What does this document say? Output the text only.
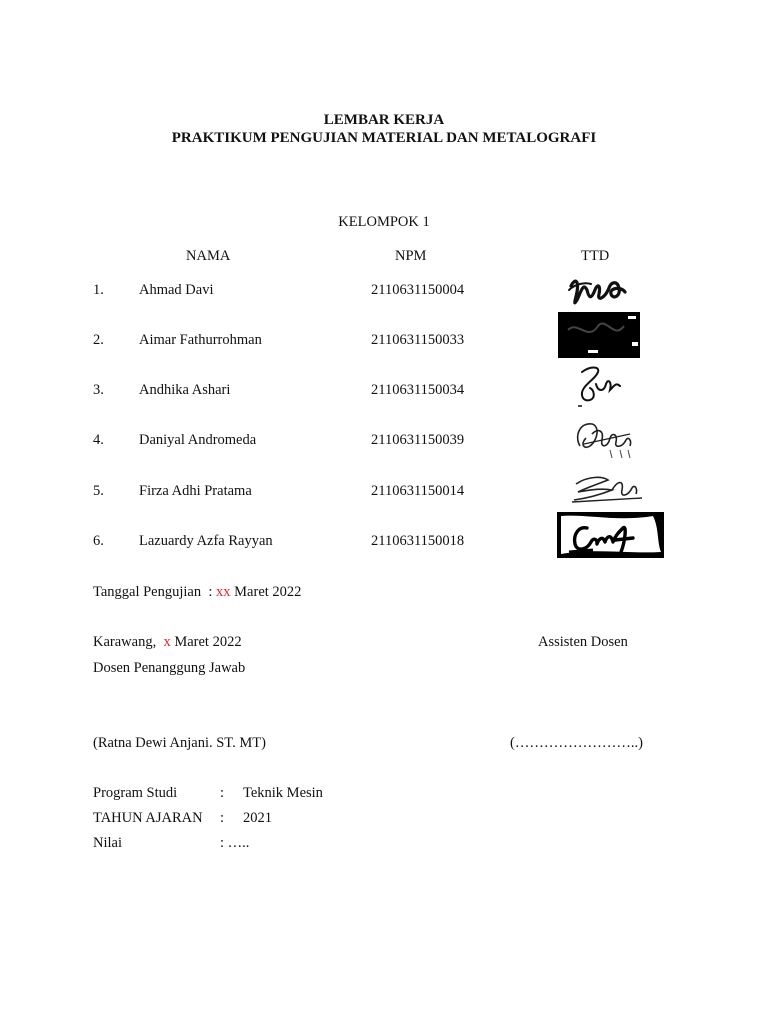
LEMBAR KERJA
PRAKTIKUM PENGUJIAN MATERIAL DAN METALOGRAFI
KELOMPOK 1
NAMA	NPM	TTD
1. Ahmad Davi	2110631150004
2. Aimar Fathurrohman	2110631150033
3. Andhika Ashari	2110631150034
4. Daniyal Andromeda	2110631150039
5. Firza Adhi Pratama	2110631150014
6. Lazuardy Azfa Rayyan	2110631150018
Tanggal Pengujian : xx Maret 2022
Karawang, x Maret 2022	Assisten Dosen
Dosen Penanggung Jawab
(Ratna Dewi Anjani. ST. MT)	(……………………..)
Program Studi	: Teknik Mesin
TAHUN AJARAN : 2021
Nilai	: …..
